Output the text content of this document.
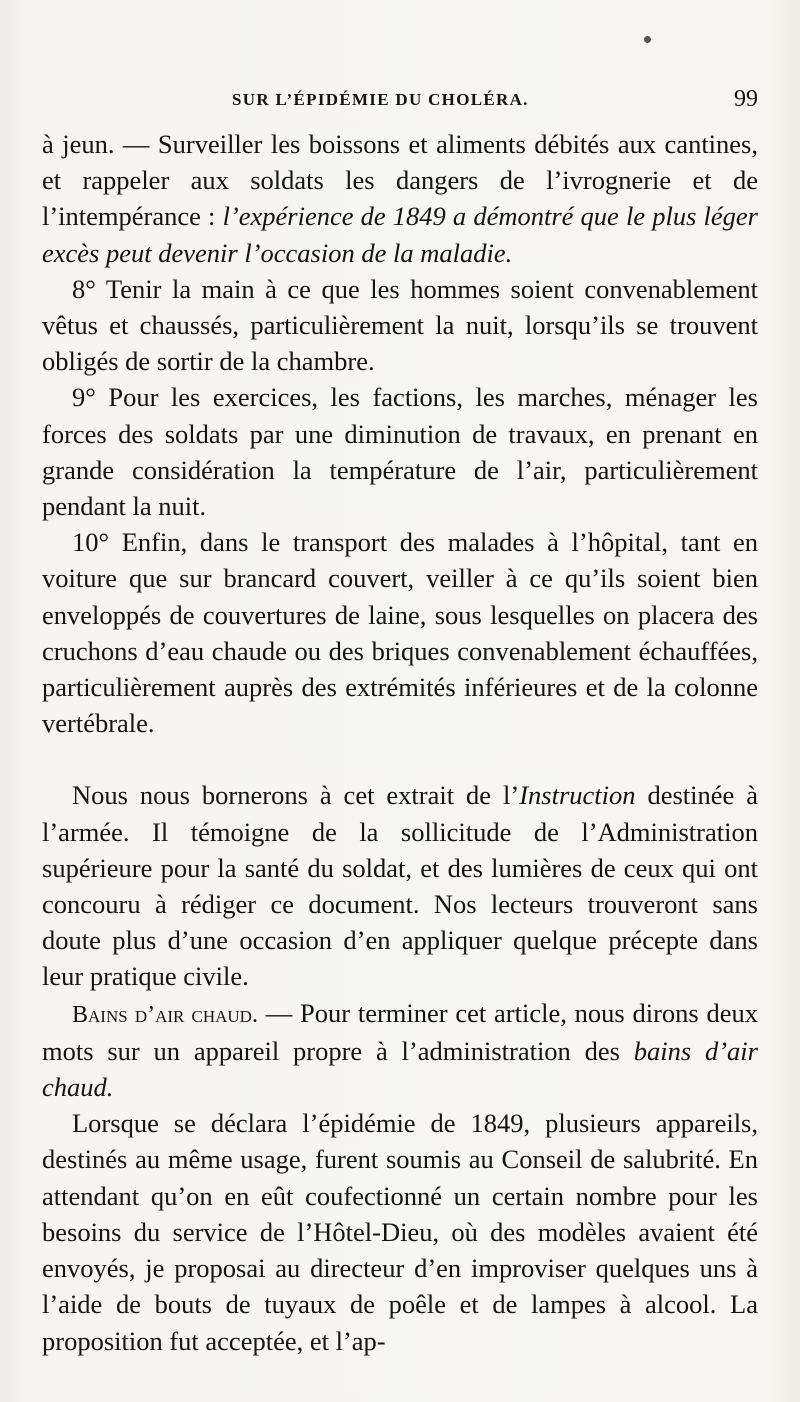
SUR L’ÉPIDÉMIE DU CHOLÉRA.	99

à jeun. — Surveiller les boissons et aliments débités aux cantines, et rappeler aux soldats les dangers de l’ivrognerie et de l’intempérance : l’expérience de 1849 a démontré que le plus léger excès peut devenir l’occasion de la maladie.

8° Tenir la main à ce que les hommes soient convenablement vêtus et chaussés, particulièrement la nuit, lorsqu’ils se trouvent obligés de sortir de la chambre.

9° Pour les exercices, les factions, les marches, ménager les forces des soldats par une diminution de travaux, en prenant en grande considération la température de l’air, particulièrement pendant la nuit.

10° Enfin, dans le transport des malades à l’hôpital, tant en voiture que sur brancard couvert, veiller à ce qu’ils soient bien enveloppés de couvertures de laine, sous lesquelles on placera des cruchons d’eau chaude ou des briques convenablement échauffées, particulièrement auprès des extrémités inférieures et de la colonne vertébrale.

Nous nous bornerons à cet extrait de l’Instruction destinée à l’armée. Il témoigne de la sollicitude de l’Administration supérieure pour la santé du soldat, et des lumières de ceux qui ont concouru à rédiger ce document. Nos lecteurs trouveront sans doute plus d’une occasion d’en appliquer quelque précepte dans leur pratique civile.

Bains d’air chaud. — Pour terminer cet article, nous dirons deux mots sur un appareil propre à l’administration des bains d’air chaud.

Lorsque se déclara l’épidémie de 1849, plusieurs appareils, destinés au même usage, furent soumis au Conseil de salubrité. En attendant qu’on en eût coufectionné un certain nombre pour les besoins du service de l’Hôtel-Dieu, où des modèles avaient été envoyés, je proposai au directeur d’en improviser quelques uns à l’aide de bouts de tuyaux de poêle et de lampes à alcool. La proposition fut acceptée, et l’ap-
